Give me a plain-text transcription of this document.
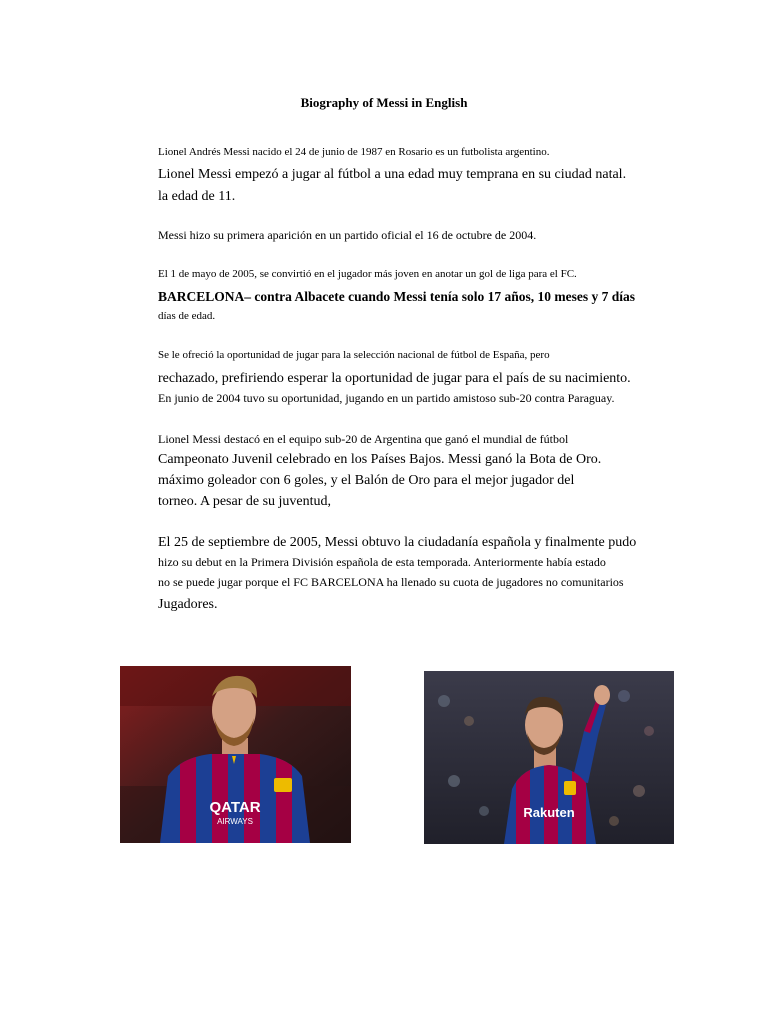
Biography of Messi in English
Lionel Andrés Messi nacido el 24 de junio de 1987 en Rosario es un futbolista argentino.
Lionel Messi empezó a jugar al fútbol a una edad muy temprana en su ciudad natal.
la edad de 11.
Messi hizo su primera aparición en un partido oficial el 16 de octubre de 2004.
El 1 de mayo de 2005, se convirtió en el jugador más joven en anotar un gol de liga para el FC.
BARCELONA– contra Albacete cuando Messi tenía solo 17 años, 10 meses y 7 días
días de edad.
Se le ofreció la oportunidad de jugar para la selección nacional de fútbol de España, pero
rechazado, prefiriendo esperar la oportunidad de jugar para el país de su nacimiento.
En junio de 2004 tuvo su oportunidad, jugando en un partido amistoso sub-20 contra Paraguay.
Lionel Messi destacó en el equipo sub-20 de Argentina que ganó el mundial de fútbol
Campeonato Juvenil celebrado en los Países Bajos. Messi ganó la Bota de Oro.
máximo goleador con 6 goles, y el Balón de Oro para el mejor jugador del
torneo. A pesar de su juventud,
El 25 de septiembre de 2005, Messi obtuvo la ciudadanía española y finalmente pudo
hizo su debut en la Primera División española de esta temporada. Anteriormente había estado
no se puede jugar porque el FC BARCELONA ha llenado su cuota de jugadores no comunitarios
Jugadores.
QATAR
AIRWAYS
Rakuten
